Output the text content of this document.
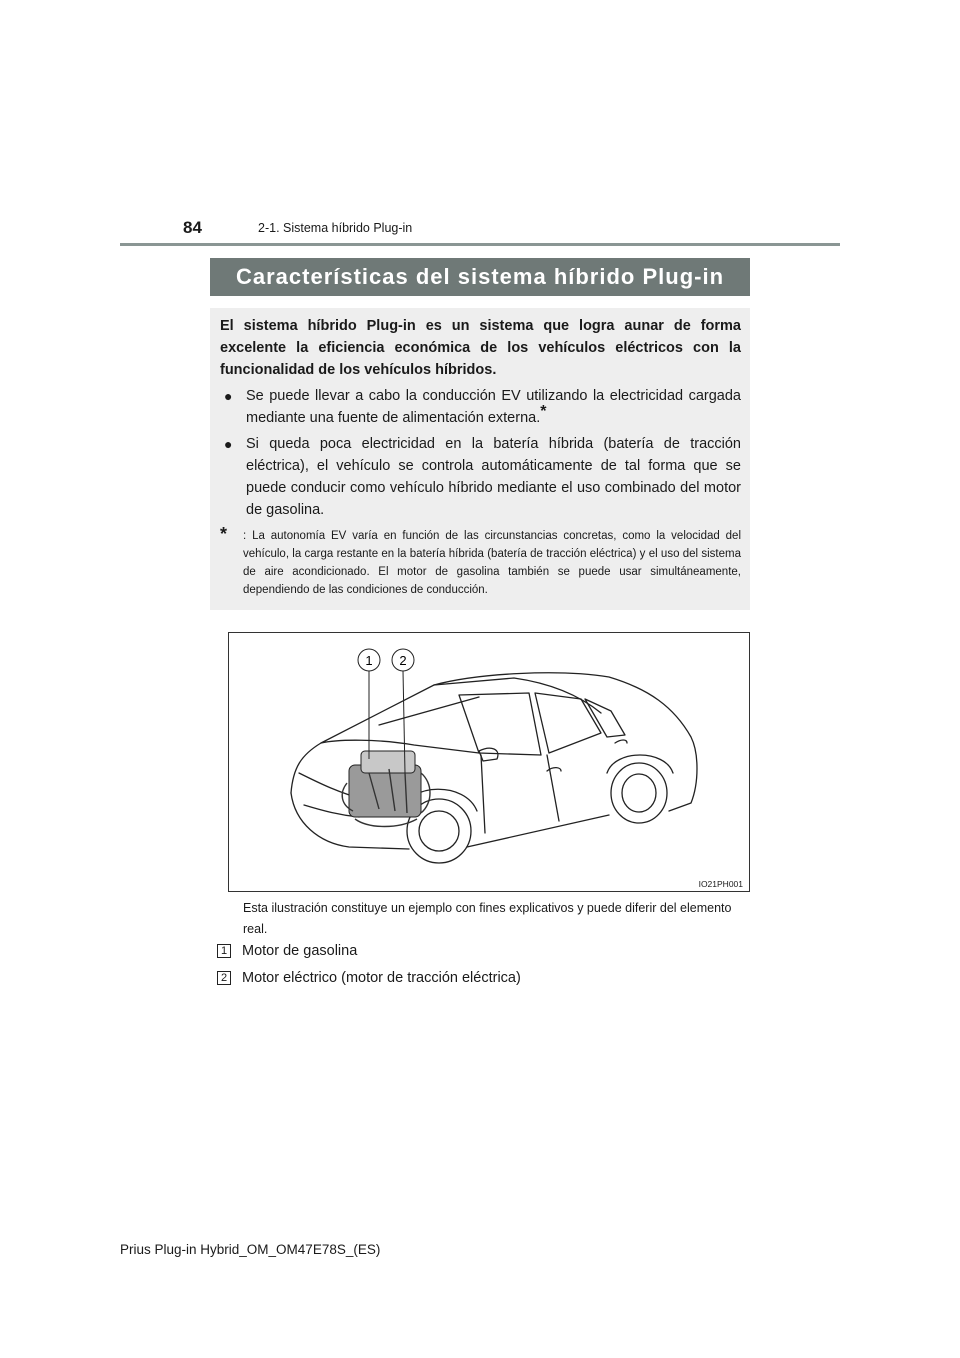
84	2-1. Sistema híbrido Plug-in
Características del sistema híbrido Plug-in

El sistema híbrido Plug-in es un sistema que logra aunar de forma excelente la eficiencia económica de los vehículos eléctricos con la funcionalidad de los vehículos híbridos.

● Se puede llevar a cabo la conducción EV utilizando la electricidad cargada mediante una fuente de alimentación externa.*
● Si queda poca electricidad en la batería híbrida (batería de tracción eléctrica), el vehículo se controla automáticamente de tal forma que se puede conducir como vehículo híbrido mediante el uso combinado del motor de gasolina.
* : La autonomía EV varía en función de las circunstancias concretas, como la velocidad del vehículo, la carga restante en la batería híbrida (batería de tracción eléctrica) y el uso del sistema de aire acondicionado. El motor de gasolina también se puede usar simultáneamente, dependiendo de las condiciones de conducción.
1 2
IO21PH001
Esta ilustración constituye un ejemplo con fines explicativos y puede diferir del elemento real.
1 Motor de gasolina
2 Motor eléctrico (motor de tracción eléctrica)
Prius Plug-in Hybrid_OM_OM47E78S_(ES)
